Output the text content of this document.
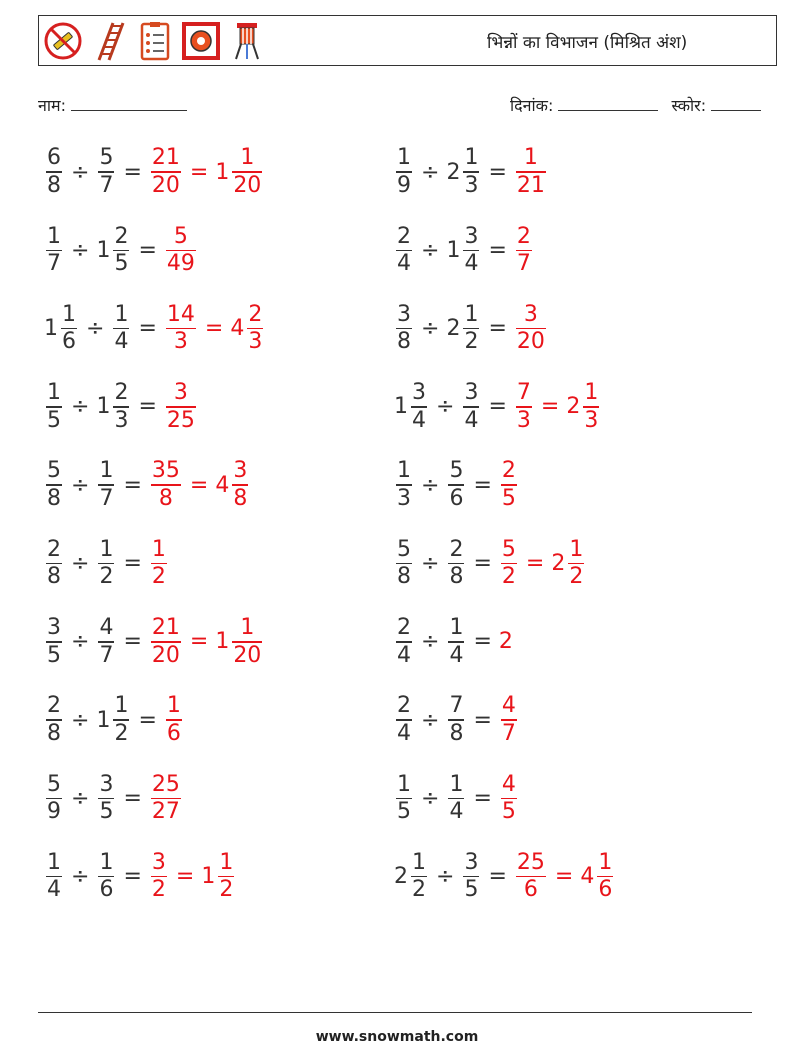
भिन्नों का विभाजन (मिश्रित अंश)
नाम:	दिनांक:	स्कोर:
$\frac{6}{8} \div \frac{5}{7} = \frac{21}{20} = 1 \frac{1}{20}$	$\frac{1}{9} \div 2 \frac{1}{3} = \frac{1}{21}$
$\frac{1}{7} \div 1 \frac{2}{5} = \frac{5}{49}$	$\frac{2}{4} \div 1 \frac{3}{4} = \frac{2}{7}$
$1 \frac{1}{6} \div \frac{1}{4} = \frac{14}{3} = 4 \frac{2}{3}$	$\frac{3}{8} \div 2 \frac{1}{2} = \frac{3}{20}$
$\frac{1}{5} \div 1 \frac{2}{3} = \frac{3}{25}$	$1 \frac{3}{4} \div \frac{3}{4} = \frac{7}{3} = 2 \frac{1}{3}$
$\frac{5}{8} \div \frac{1}{7} = \frac{35}{8} = 4 \frac{3}{8}$	$\frac{1}{3} \div \frac{5}{6} = \frac{2}{5}$
$\frac{2}{8} \div \frac{1}{2} = \frac{1}{2}$	$\frac{5}{8} \div \frac{2}{8} = \frac{5}{2} = 2 \frac{1}{2}$
$\frac{3}{5} \div \frac{4}{7} = \frac{21}{20} = 1 \frac{1}{20}$	$\frac{2}{4} \div \frac{1}{4} = 2$
$\frac{2}{8} \div 1 \frac{1}{2} = \frac{1}{6}$	$\frac{2}{4} \div \frac{7}{8} = \frac{4}{7}$
$\frac{5}{9} \div \frac{3}{5} = \frac{25}{27}$	$\frac{1}{5} \div \frac{1}{4} = \frac{4}{5}$
$\frac{1}{4} \div \frac{1}{6} = \frac{3}{2} = 1 \frac{1}{2}$	$2 \frac{1}{2} \div \frac{3}{5} = \frac{25}{6} = 4 \frac{1}{6}$
www.snowmath.com
